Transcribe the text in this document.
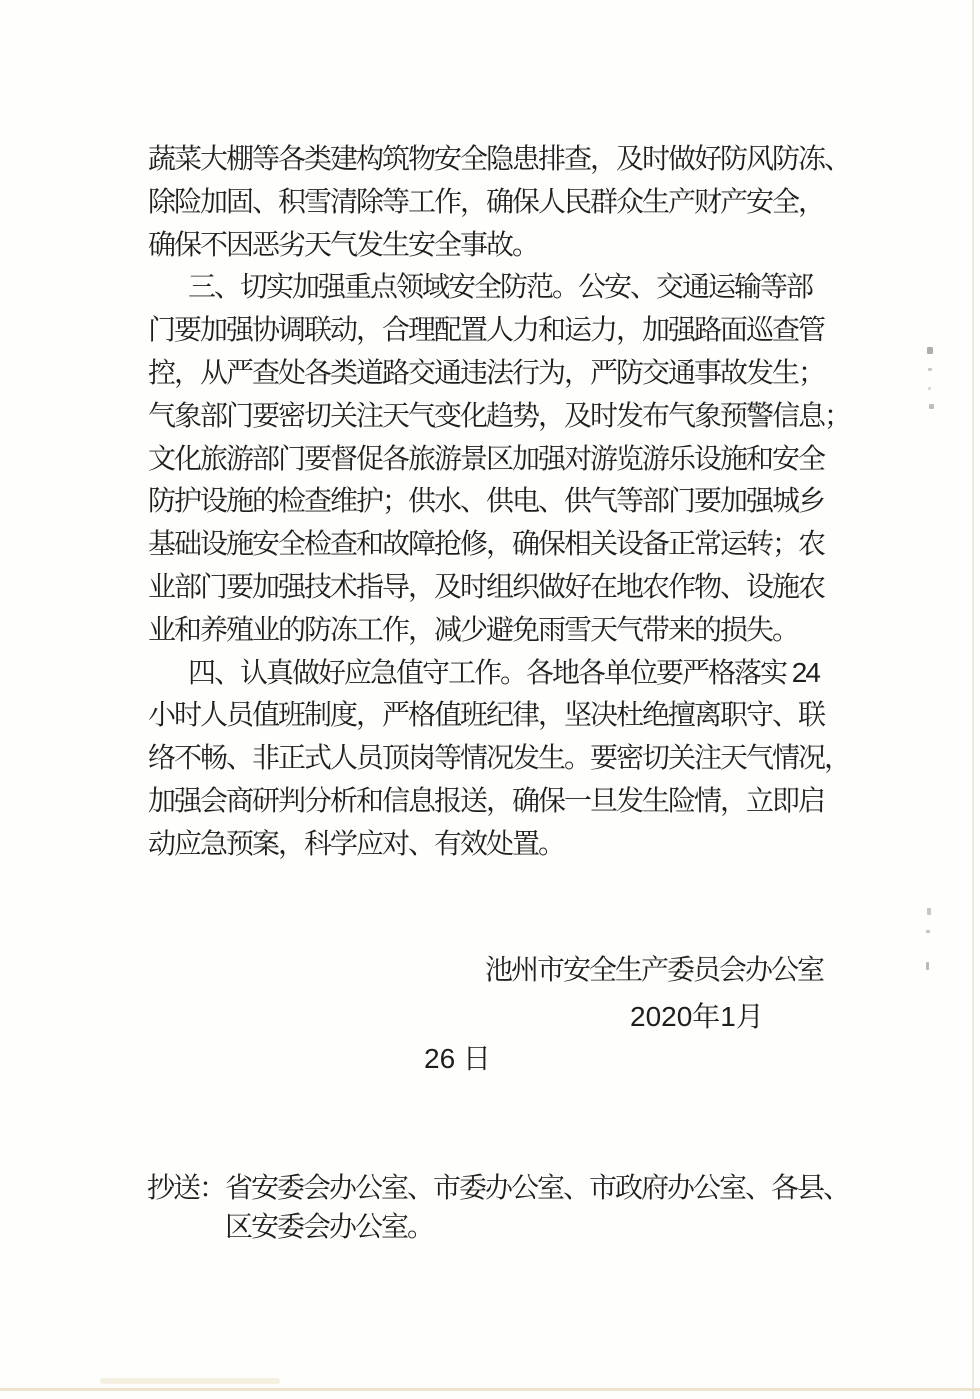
蔬菜大棚等各类建构筑物安全隐患排查，及时做好防风防冻、
除险加固、积雪清除等工作，确保人民群众生产财产安全，
确保不因恶劣天气发生安全事故。
三、切实加强重点领域安全防范。公安、交通运输等部
门要加强协调联动，合理配置人力和运力，加强路面巡查管
控，从严查处各类道路交通违法行为，严防交通事故发生；
气象部门要密切关注天气变化趋势，及时发布气象预警信息；
文化旅游部门要督促各旅游景区加强对游览游乐设施和安全
防护设施的检查维护；供水、供电、供气等部门要加强城乡
基础设施安全检查和故障抢修，确保相关设备正常运转；农
业部门要加强技术指导，及时组织做好在地农作物、设施农
业和养殖业的防冻工作，减少避免雨雪天气带来的损失。
四、认真做好应急值守工作。各地各单位要严格落实 24
小时人员值班制度，严格值班纪律，坚决杜绝擅离职守、联
络不畅、非正式人员顶岗等情况发生。要密切关注天气情况，
加强会商研判分析和信息报送，确保一旦发生险情，立即启
动应急预案，科学应对、有效处置。
池州市安全生产委员会办公室
2020年1月
26 日
抄送：省安委会办公室、市委办公室、市政府办公室、各县、
区安委会办公室。
